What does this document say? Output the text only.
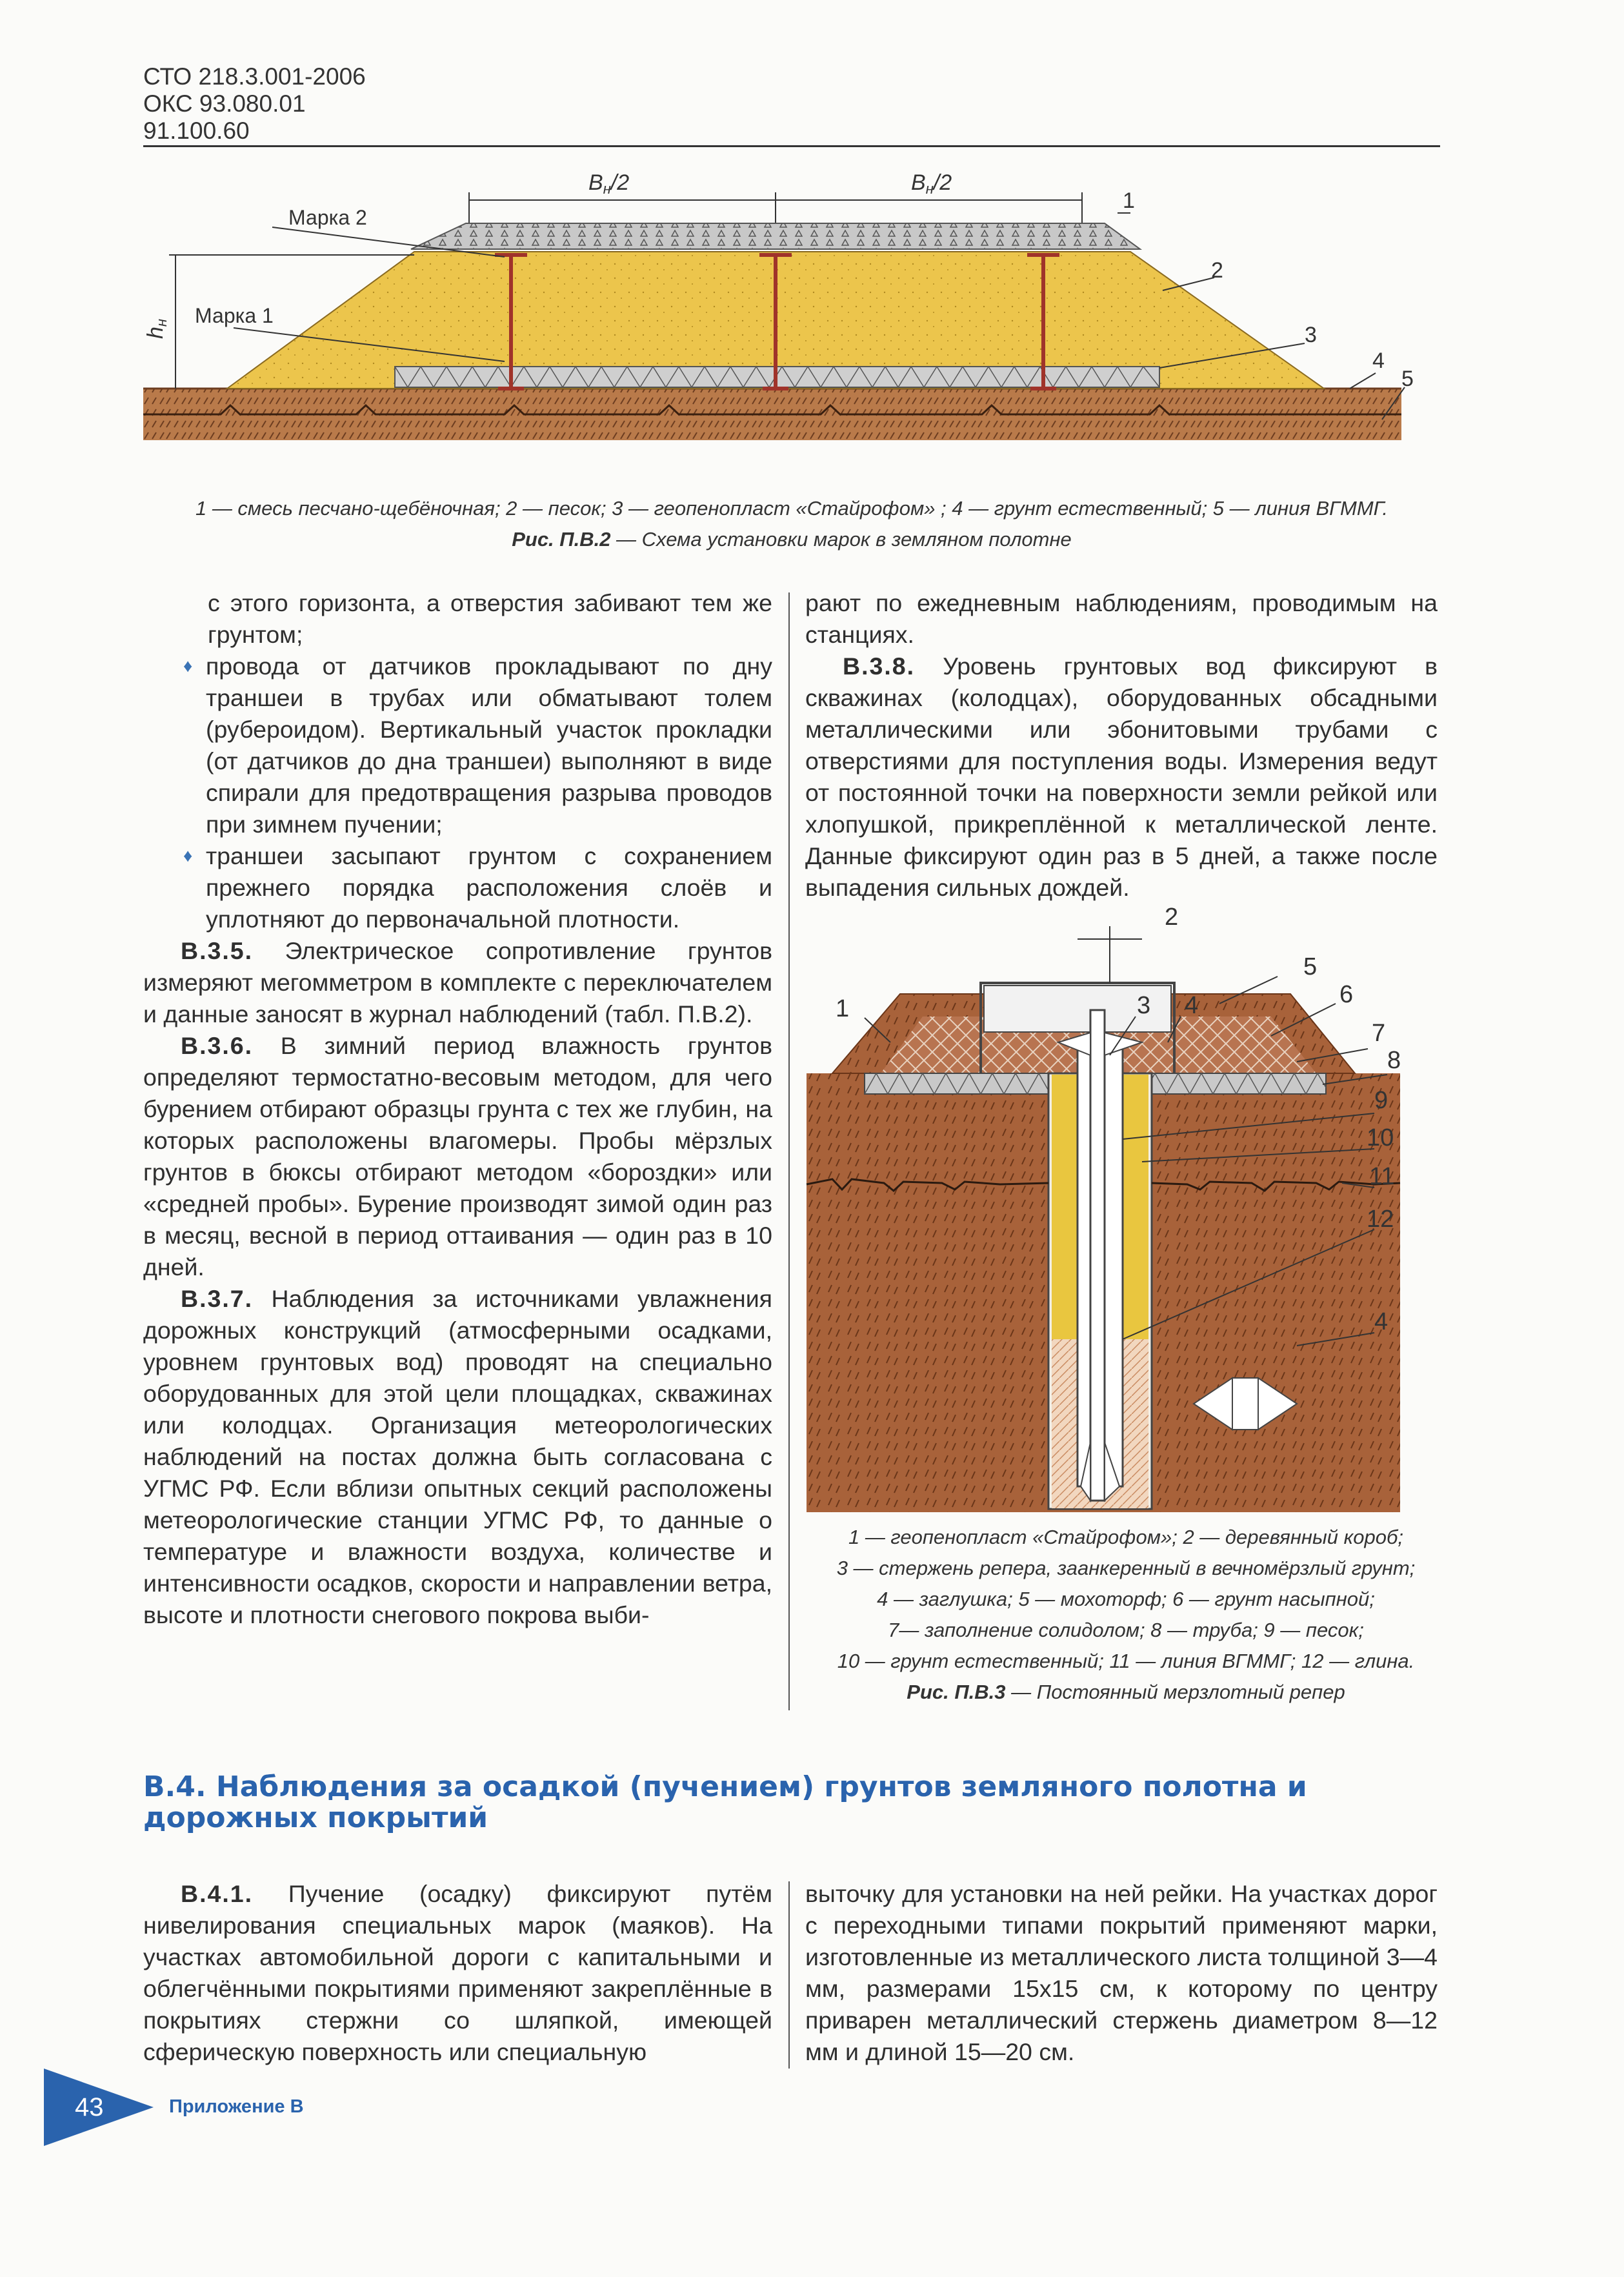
СТО 218.3.001-2006
ОКС 93.080.01
91.100.60
Bн/2	Bн/2
Марка 2
Марка 1
hн
1
2
3
4
5
1 — смесь песчано-щебёночная; 2 — песок; 3 — геопенопласт «Стайрофом» ; 4 — грунт естественный; 5 — линия ВГММГ.
Рис. П.В.2 — Схема установки марок в земляном полотне

с этого горизонта, а отверстия забивают тем же грунтом;

♦ провода от датчиков прокладывают по дну траншеи в трубах или обматывают толем (рубероидом). Вертикальный участок прокладки (от датчиков до дна траншеи) выполняют в виде спирали для предотвращения разрыва проводов при зимнем пучении;

♦ траншеи засыпают грунтом с сохранением прежнего порядка расположения слоёв и уплотняют до первоначальной плотности.

В.3.5. Электрическое сопротивление грунтов измеряют мегомметром в комплекте с переключателем и данные заносят в журнал наблюдений (табл. П.В.2).

В.3.6. В зимний период влажность грунтов определяют термостатно-весовым методом, для чего бурением отбирают образцы грунта с тех же глубин, на которых расположены влагомеры. Пробы мёрзлых грунтов в бюксы отбирают методом «бороздки» или «средней пробы». Бурение производят зимой один раз в месяц, весной в период оттаивания — один раз в 10 дней.

В.3.7. Наблюдения за источниками увлажнения дорожных конструкций (атмосферными осадками, уровнем грунтовых вод) проводят на специально оборудованных для этой цели площадках, скважинах или колодцах. Организация метеорологических наблюдений на постах должна быть согласована с УГМС РФ. Если вблизи опытных секций расположены метеорологические станции УГМС РФ, то данные о температуре и влажности воздуха, количестве и интенсивности осадков, скорости и направлении ветра, высоте и плотности снегового покрова выби-

рают по ежедневным наблюдениям, проводимым на станциях.

В.3.8. Уровень грунтовых вод фиксируют в скважинах (колодцах), оборудованных обсадными металлическими или эбонитовыми трубами с отверстиями для поступления воды. Измерения ведут от постоянной точки на поверхности земли рейкой или хлопушкой, прикреплённой к металлической ленте. Данные фиксируют один раз в 5 дней, а также после выпадения сильных дождей.

1
2
3 4
5
6
7
8
9
10
11
12
4
1 — геопенопласт «Стайрофом»; 2 — деревянный короб;
3 — стержень репера, заанкеренный в вечномёрзлый грунт;
4 — заглушка; 5 — мохоторф; 6 — грунт насыпной;
7— заполнение солидолом; 8 — труба; 9 — песок;
10 — грунт естественный; 11 — линия ВГММГ; 12 — глина.
Рис. П.В.3 — Постоянный мерзлотный репер
В.4. Наблюдения за осадкой (пучением) грунтов земляного полотна и дорожных покрытий

В.4.1. Пучение (осадку) фиксируют путём нивелирования специальных марок (маяков). На участках автомобильной дороги с капитальными и облегчёнными покрытиями применяют закреплённые в покрытиях стержни со шляпкой, имеющей сферическую поверхность или специальную

выточку для установки на ней рейки. На участках дорог с переходными типами покрытий применяют марки, изготовленные из металлического листа толщиной 3—4 мм, размерами 15х15 см, к которому по центру приварен металлический стержень диаметром 8—12 мм и длиной 15—20 см.

43	Приложение В
